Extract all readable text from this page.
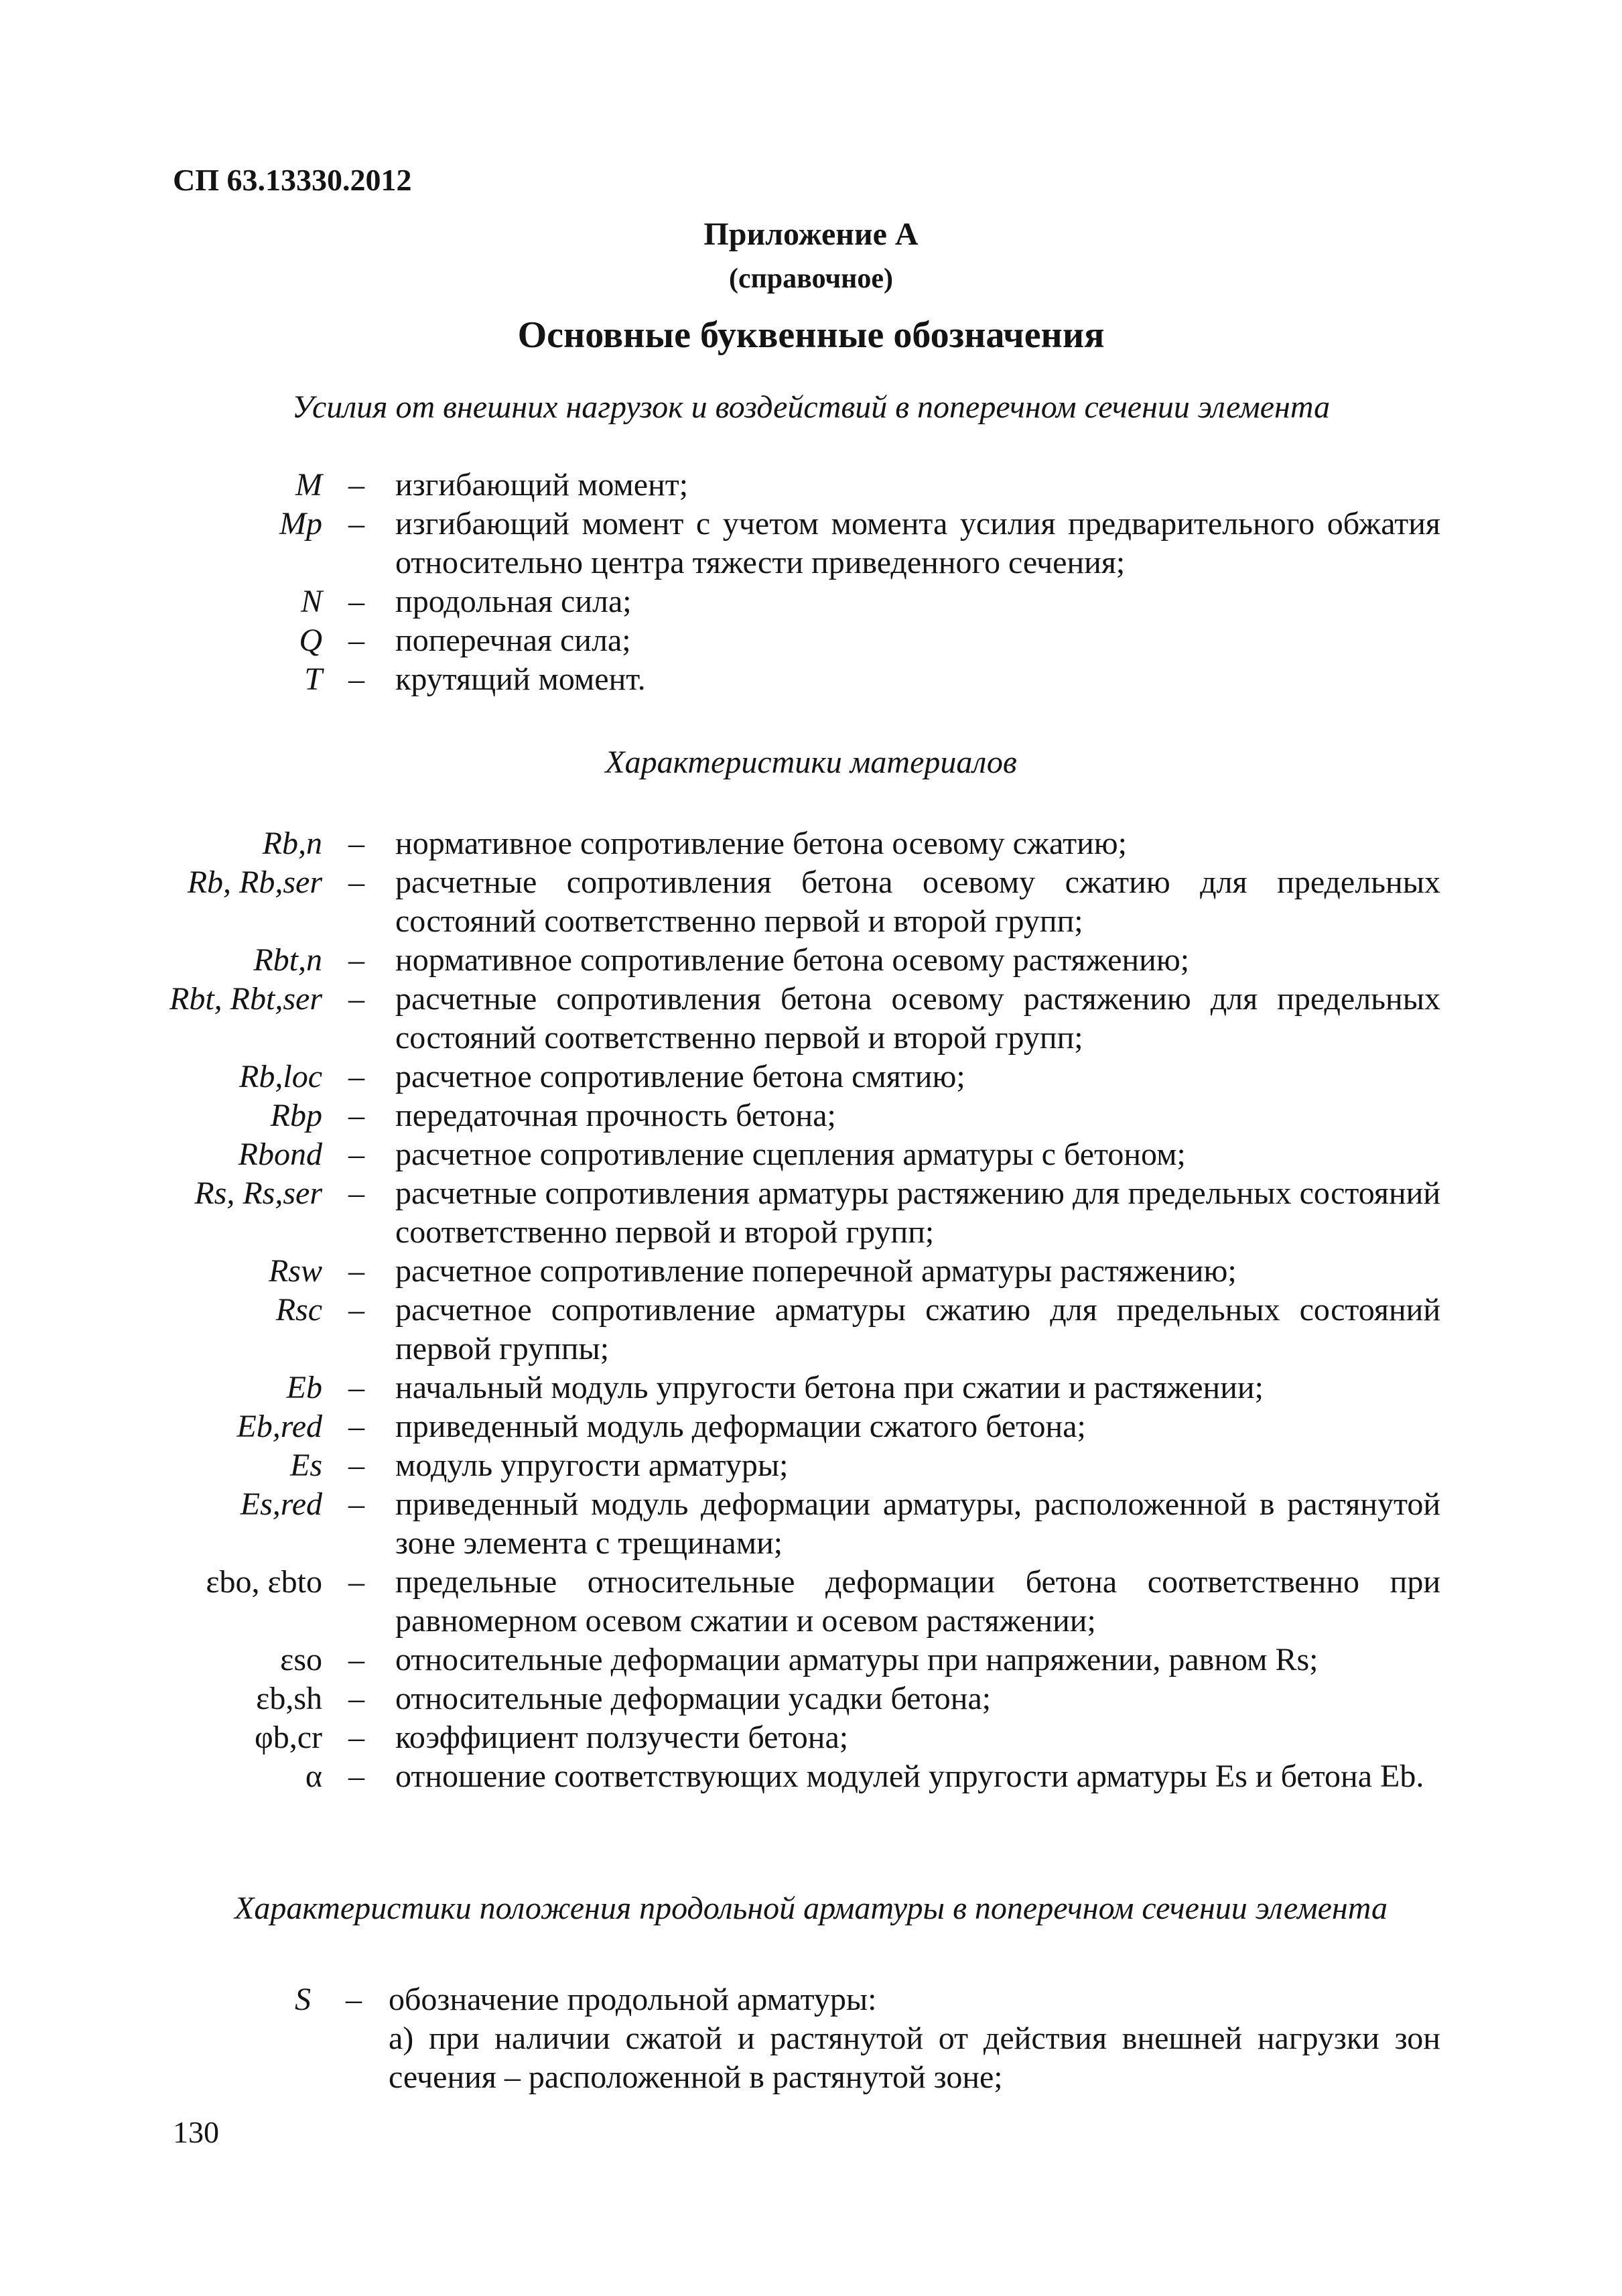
СП 63.13330.2012
Приложение А
(справочное)
Основные буквенные обозначения
Усилия от внешних нагрузок и воздействий в поперечном сечении элемента
M – изгибающий момент;
Mp – изгибающий момент с учетом момента усилия предварительного обжатия относительно центра тяжести приведенного сечения;
N – продольная сила;
Q – поперечная сила;
T – крутящий момент.
Характеристики материалов
Rb,n – нормативное сопротивление бетона осевому сжатию;
Rb, Rb,ser – расчетные сопротивления бетона осевому сжатию для предельных состояний соответственно первой и второй групп;
Rbt,n – нормативное сопротивление бетона осевому растяжению;
Rbt, Rbt,ser – расчетные сопротивления бетона осевому растяжению для предельных состояний соответственно первой и второй групп;
Rb,loc – расчетное сопротивление бетона смятию;
Rbp – передаточная прочность бетона;
Rbond – расчетное сопротивление сцепления арматуры с бетоном;
Rs, Rs,ser – расчетные сопротивления арматуры растяжению для предельных состояний соответственно первой и второй групп;
Rsw – расчетное сопротивление поперечной арматуры растяжению;
Rsc – расчетное сопротивление арматуры сжатию для предельных состояний первой группы;
Eb – начальный модуль упругости бетона при сжатии и растяжении;
Eb,red – приведенный модуль деформации сжатого бетона;
Es – модуль упругости арматуры;
Es,red – приведенный модуль деформации арматуры, расположенной в растянутой зоне элемента с трещинами;
εbo, εbto – предельные относительные деформации бетона соответственно при равномерном осевом сжатии и осевом растяжении;
εso – относительные деформации арматуры при напряжении, равном Rs;
εb,sh – относительные деформации усадки бетона;
φb,cr – коэффициент ползучести бетона;
α – отношение соответствующих модулей упругости арматуры Es и бетона Eb.
Характеристики положения продольной арматуры в поперечном сечении элемента
S – обозначение продольной арматуры:
а) при наличии сжатой и растянутой от действия внешней нагрузки зон сечения – расположенной в растянутой зоне;
130
